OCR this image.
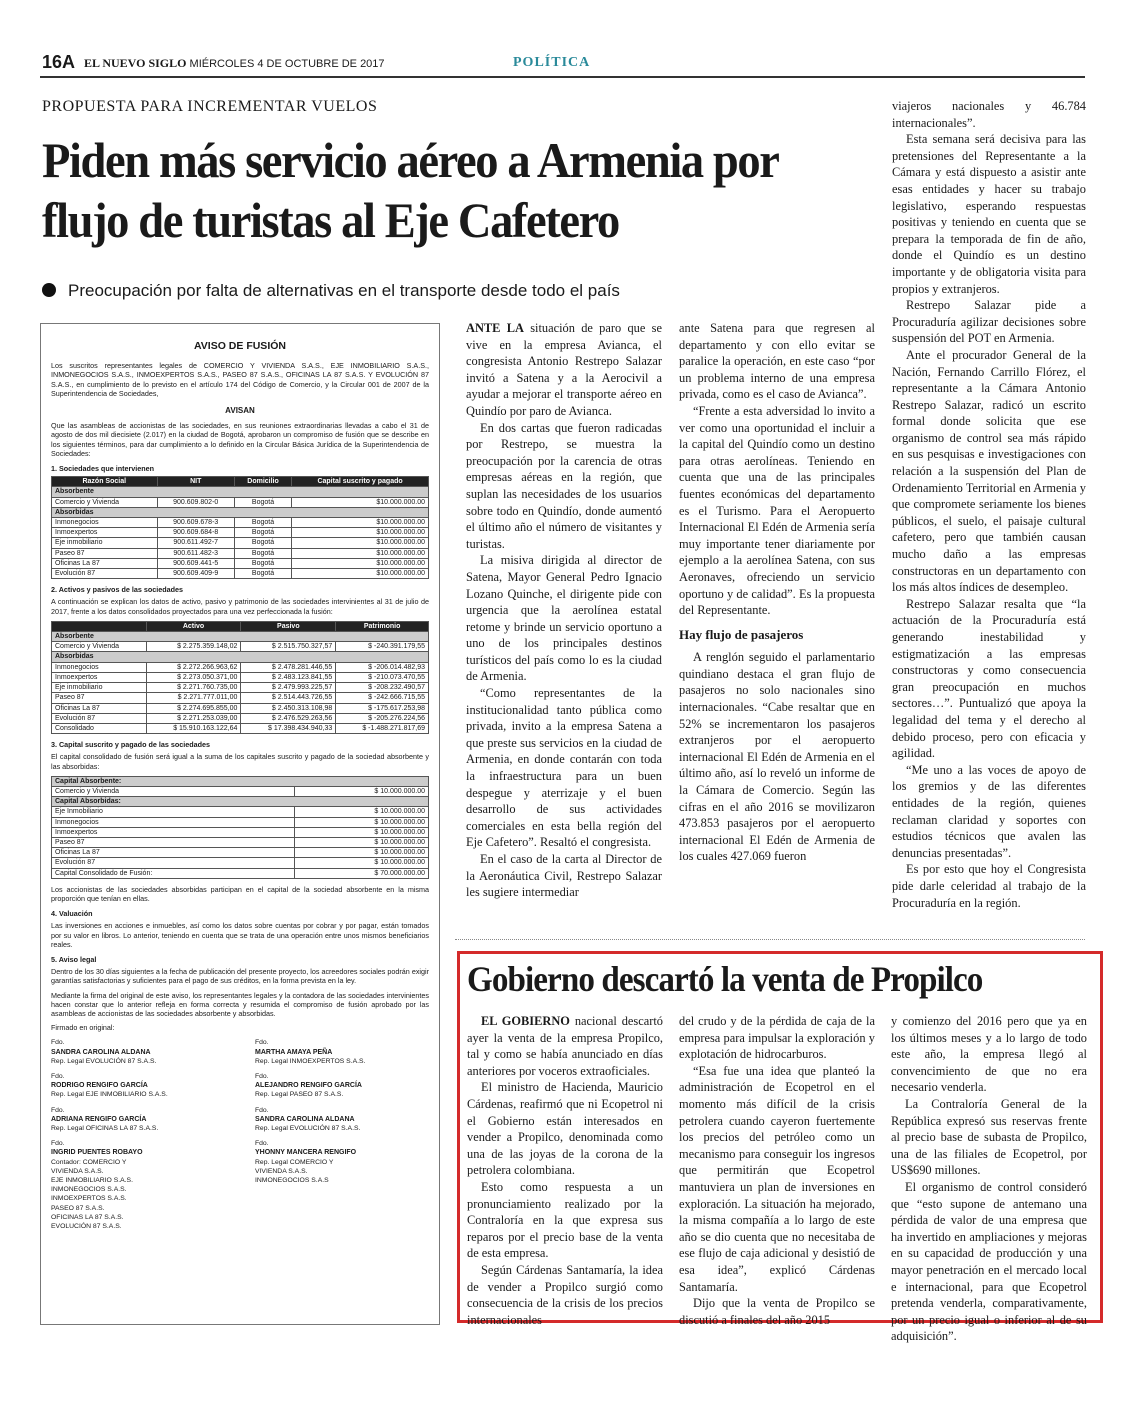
16A EL NUEVO SIGLO MIÉRCOLES 4 DE OCTUBRE DE 2017	POLÍTICA
PROPUESTA PARA INCREMENTAR VUELOS
Piden más servicio aéreo a Armenia por flujo de turistas al Eje Cafetero
Preocupación por falta de alternativas en el transporte desde todo el país
AVISO DE FUSIÓN

Los suscritos representantes legales de COMERCIO Y VIVIENDA S.A.S., EJE INMOBILIARIO S.A.S., INMONEGOCIOS S.A.S., INMOEXPERTOS S.A.S., PASEO 87 S.A.S., OFICINAS LA 87 S.A.S. Y EVOLUCIÓN 87 S.A.S., en cumplimiento de lo previsto en el artículo 174 del Código de Comercio, y la Circular 001 de 2007 de la Superintendencia de Sociedades,

AVISAN

Que las asambleas de accionistas de las sociedades, en sus reuniones extraordinarias llevadas a cabo el 31 de agosto de dos mil diecisiete (2.017) en la ciudad de Bogotá, aprobaron un compromiso de fusión que se describe en los siguientes términos, para dar cumplimiento a lo definido en la Circular Básica Jurídica de la Superintendencia de Sociedades:

1. Sociedades que intervienen
Razón Social	NIT	Domicilio	Capital suscrito y pagado
Absorbente			
Comercio y Vivienda	900.609.802-0	Bogotá	$10.000.000.00
Absorbidas			
Inmonegocios	900.609.678-3	Bogotá	$10.000.000.00
Inmoexpertos	900.609.684-8	Bogotá	$10.000.000.00
Eje inmobiliario	900.611.492-7	Bogotá	$10.000.000.00
Paseo 87	900.611.482-3	Bogotá	$10.000.000.00
Oficinas La 87	900.609.441-5	Bogotá	$10.000.000.00
Evolución 87	900.609.409-9	Bogotá	$10.000.000.00
2. Activos y pasivos de las sociedades

A continuación se explican los datos de activo, pasivo y patrimonio de las sociedades intervinientes al 31 de julio de 2017, frente a los datos consolidados proyectados para una vez perfeccionada la fusión:

	Activo	Pasivo	Patrimonio
Absorbente			
Comercio y Vivienda	$ 2.275.359.148,02	$ 2.515.750.327,57	$ -240.391.179,55
Absorbidas			
Inmonegocios	$ 2.272.266.963,62	$ 2.478.281.446,55	$ -206.014.482,93
Inmoexpertos	$ 2.273.050.371,00	$ 2.483.123.841,55	$ -210.073.470,55
Eje inmobiliario	$ 2.271.760.735,00	$ 2.479.993.225,57	$ -208.232.490,57
Paseo 87	$ 2.271.777.011,00	$ 2.514.443.726,55	$ -242.666.715,55
Oficinas La 87	$ 2.274.695.855,00	$ 2.450.313.108,98	$ -175.617.253,98
Evolución 87	$ 2.271.253.039,00	$ 2.476.529.263,56	$ -205.276.224,56
Consolidado	$ 15.910.163.122,64	$ 17.398.434.940,33	$ -1.488.271.817,69
3. Capital suscrito y pagado de las sociedades

El capital consolidado de fusión será igual a la suma de los capitales suscrito y pagado de la sociedad absorbente y las absorbidas:

Capital Absorbente:	
Comercio y Vivienda	$ 10.000.000.00
Capital Absorbidas:	
Eje Inmobiliario	$ 10.000.000.00
Inmonegocios	$ 10.000.000.00
Inmoexpertos	$ 10.000.000.00
Paseo 87	$ 10.000.000.00
Oficinas La 87	$ 10.000.000.00
Evolución 87	$ 10.000.000.00
Capital Consolidado de Fusión:	$ 70.000.000.00

Los accionistas de las sociedades absorbidas participan en el capital de la sociedad absorbente en la misma proporción que tenían en ellas.

4. Valuación

Las inversiones en acciones e inmuebles, así como los datos sobre cuentas por cobrar y por pagar, están tomados por su valor en libros. Lo anterior, teniendo en cuenta que se trata de una operación entre unos mismos beneficiarios reales.

5. Aviso legal

Dentro de los 30 días siguientes a la fecha de publicación del presente proyecto, los acreedores sociales podrán exigir garantías satisfactorias y suficientes para el pago de sus créditos, en la forma prevista en la ley.

Mediante la firma del original de este aviso, los representantes legales y la contadora de las sociedades intervinientes hacen constar que lo anterior refleja en forma correcta y resumida el compromiso de fusión aprobado por las asambleas de accionistas de las sociedades absorbente y absorbidas.

Firmado en original:

Fdo.
SANDRA CAROLINA ALDANA
Rep. Legal EVOLUCIÓN 87 S.A.S.
Fdo.
MARTHA AMAYA PEÑA
Rep. Legal INMOEXPERTOS S.A.S.
Fdo.
RODRIGO RENGIFO GARCÍA
Rep. Legal EJE INMOBILIARIO S.A.S.
Fdo.
ALEJANDRO RENGIFO GARCÍA
Rep. Legal PASEO 87 S.A.S.
Fdo.
ADRIANA RENGIFO GARCÍA
Rep. Legal OFICINAS LA 87 S.A.S.
Fdo.
SANDRA CAROLINA ALDANA
Rep. Legal EVOLUCIÓN 87 S.A.S.
Fdo.
INGRID PUENTES ROBAYO
Contador: COMERCIO Y
VIVIENDA S.A.S.
EJE INMOBILIARIO S.A.S.
INMONEGOCIOS S.A.S.
INMOEXPERTOS S.A.S.
PASEO 87 S.A.S.
OFICINAS LA 87 S.A.S.
EVOLUCIÓN 87 S.A.S.
Fdo.
YHONNY MANCERA RENGIFO
Rep. Legal COMERCIO Y
VIVIENDA S.A.S.
INMONEGOCIOS S.A.S

ANTE LA situación de paro que se vive en la empresa Avianca, el congresista Antonio Restrepo Salazar invitó a Satena y a la Aerocivil a ayudar a mejorar el transporte aéreo en Quindío por paro de Avianca.

En dos cartas que fueron radicadas por Restrepo, se muestra la preocupación por la carencia de otras empresas aéreas en la región, que suplan las necesidades de los usuarios sobre todo en Quindío, donde aumentó el último año el número de visitantes y turistas.

La misiva dirigida al director de Satena, Mayor General Pedro Ignacio Lozano Quinche, el dirigente pide con urgencia que la aerolínea estatal retome y brinde un servicio oportuno a uno de los principales destinos turísticos del país como lo es la ciudad de Armenia.

“Como representantes de la institucionalidad tanto pública como privada, invito a la empresa Satena a que preste sus servicios en la ciudad de Armenia, en donde contarán con toda la infraestructura para un buen despegue y aterrizaje y el buen desarrollo de sus actividades comerciales en esta bella región del Eje Cafetero”. Resaltó el congresista.

En el caso de la carta al Director de la Aeronáutica Civil, Restrepo Salazar les sugiere intermediar

ante Satena para que regresen al departamento y con ello evitar se paralice la operación, en este caso “por un problema interno de una empresa privada, como es el caso de Avianca”.

“Frente a esta adversidad lo invito a ver como una oportunidad el incluir a la capital del Quindío como un destino para otras aerolíneas. Teniendo en cuenta que una de las principales fuentes económicas del departamento es el Turismo. Para el Aeropuerto Internacional El Edén de Armenia sería muy importante tener diariamente por ejemplo a la aerolínea Satena, con sus Aeronaves, ofreciendo un servicio oportuno y de calidad”. Es la propuesta del Representante.

Hay flujo de pasajeros

A renglón seguido el parlamentario quindiano destaca el gran flujo de pasajeros no solo nacionales sino internacionales. “Cabe resaltar que en 52% se incrementaron los pasajeros extranjeros por el aeropuerto internacional El Edén de Armenia en el último año, así lo reveló un informe de la Cámara de Comercio. Según las cifras en el año 2016 se movilizaron 473.853 pasajeros por el aeropuerto internacional El Edén de Armenia de los cuales 427.069 fueron

viajeros nacionales y 46.784 internacionales”.

Esta semana será decisiva para las pretensiones del Representante a la Cámara y está dispuesto a asistir ante esas entidades y hacer su trabajo legislativo, esperando respuestas positivas y teniendo en cuenta que se prepara la temporada de fin de año, donde el Quindío es un destino importante y de obligatoria visita para propios y extranjeros.

Restrepo Salazar pide a Procuraduría agilizar decisiones sobre suspensión del POT en Armenia.

Ante el procurador General de la Nación, Fernando Carrillo Flórez, el representante a la Cámara Antonio Restrepo Salazar, radicó un escrito formal donde solicita que ese organismo de control sea más rápido en sus pesquisas e investigaciones con relación a la suspensión del Plan de Ordenamiento Territorial en Armenia y que compromete seriamente los bienes públicos, el suelo, el paisaje cultural cafetero, pero que también causan mucho daño a las empresas constructoras en un departamento con los más altos índices de desempleo.

Restrepo Salazar resalta que “la actuación de la Procuraduría está generando inestabilidad y estigmatización a las empresas constructoras y como consecuencia gran preocupación en muchos sectores…”. Puntualizó que apoya la legalidad del tema y el derecho al debido proceso, pero con eficacia y agilidad.

“Me uno a las voces de apoyo de los gremios y de las diferentes entidades de la región, quienes reclaman claridad y soportes con estudios técnicos que avalen las denuncias presentadas”.

Es por esto que hoy el Congresista pide darle celeridad al trabajo de la Procuraduría en la región.

Gobierno descartó la venta de Propilco

EL GOBIERNO nacional descartó ayer la venta de la empresa Propilco, tal y como se había anunciado en días anteriores por voceros extraoficiales.

El ministro de Hacienda, Mauricio Cárdenas, reafirmó que ni Ecopetrol ni el Gobierno están interesados en vender a Propilco, denominada como una de las joyas de la corona de la petrolera colombiana.

Esto como respuesta a un pronunciamiento realizado por la Contraloría en la que expresa sus reparos por el precio base de la venta de esta empresa.

Según Cárdenas Santamaría, la idea de vender a Propilco surgió como consecuencia de la crisis de los precios internacionales

del crudo y de la pérdida de caja de la empresa para impulsar la exploración y explotación de hidrocarburos.

“Esa fue una idea que planteó la administración de Ecopetrol en el momento más difícil de la crisis petrolera cuando cayeron fuertemente los precios del petróleo como un mecanismo para conseguir los ingresos que permitirán que Ecopetrol mantuviera un plan de inversiones en exploración. La situación ha mejorado, la misma compañía a lo largo de este año se dio cuenta que no necesitaba de ese flujo de caja adicional y desistió de esa idea”, explicó Cárdenas Santamaría.

Dijo que la venta de Propilco se discutió a finales del año 2015

y comienzo del 2016 pero que ya en los últimos meses y a lo largo de todo este año, la empresa llegó al convencimiento de que no era necesario venderla.

La Contraloría General de la República expresó sus reservas frente al precio base de subasta de Propilco, una de las filiales de Ecopetrol, por US$690 millones.

El organismo de control consideró que “esto supone de antemano una pérdida de valor de una empresa que ha invertido en ampliaciones y mejoras en su capacidad de producción y una mayor penetración en el mercado local e internacional, para que Ecopetrol pretenda venderla, comparativamente, por un precio igual o inferior al de su adquisición”.
